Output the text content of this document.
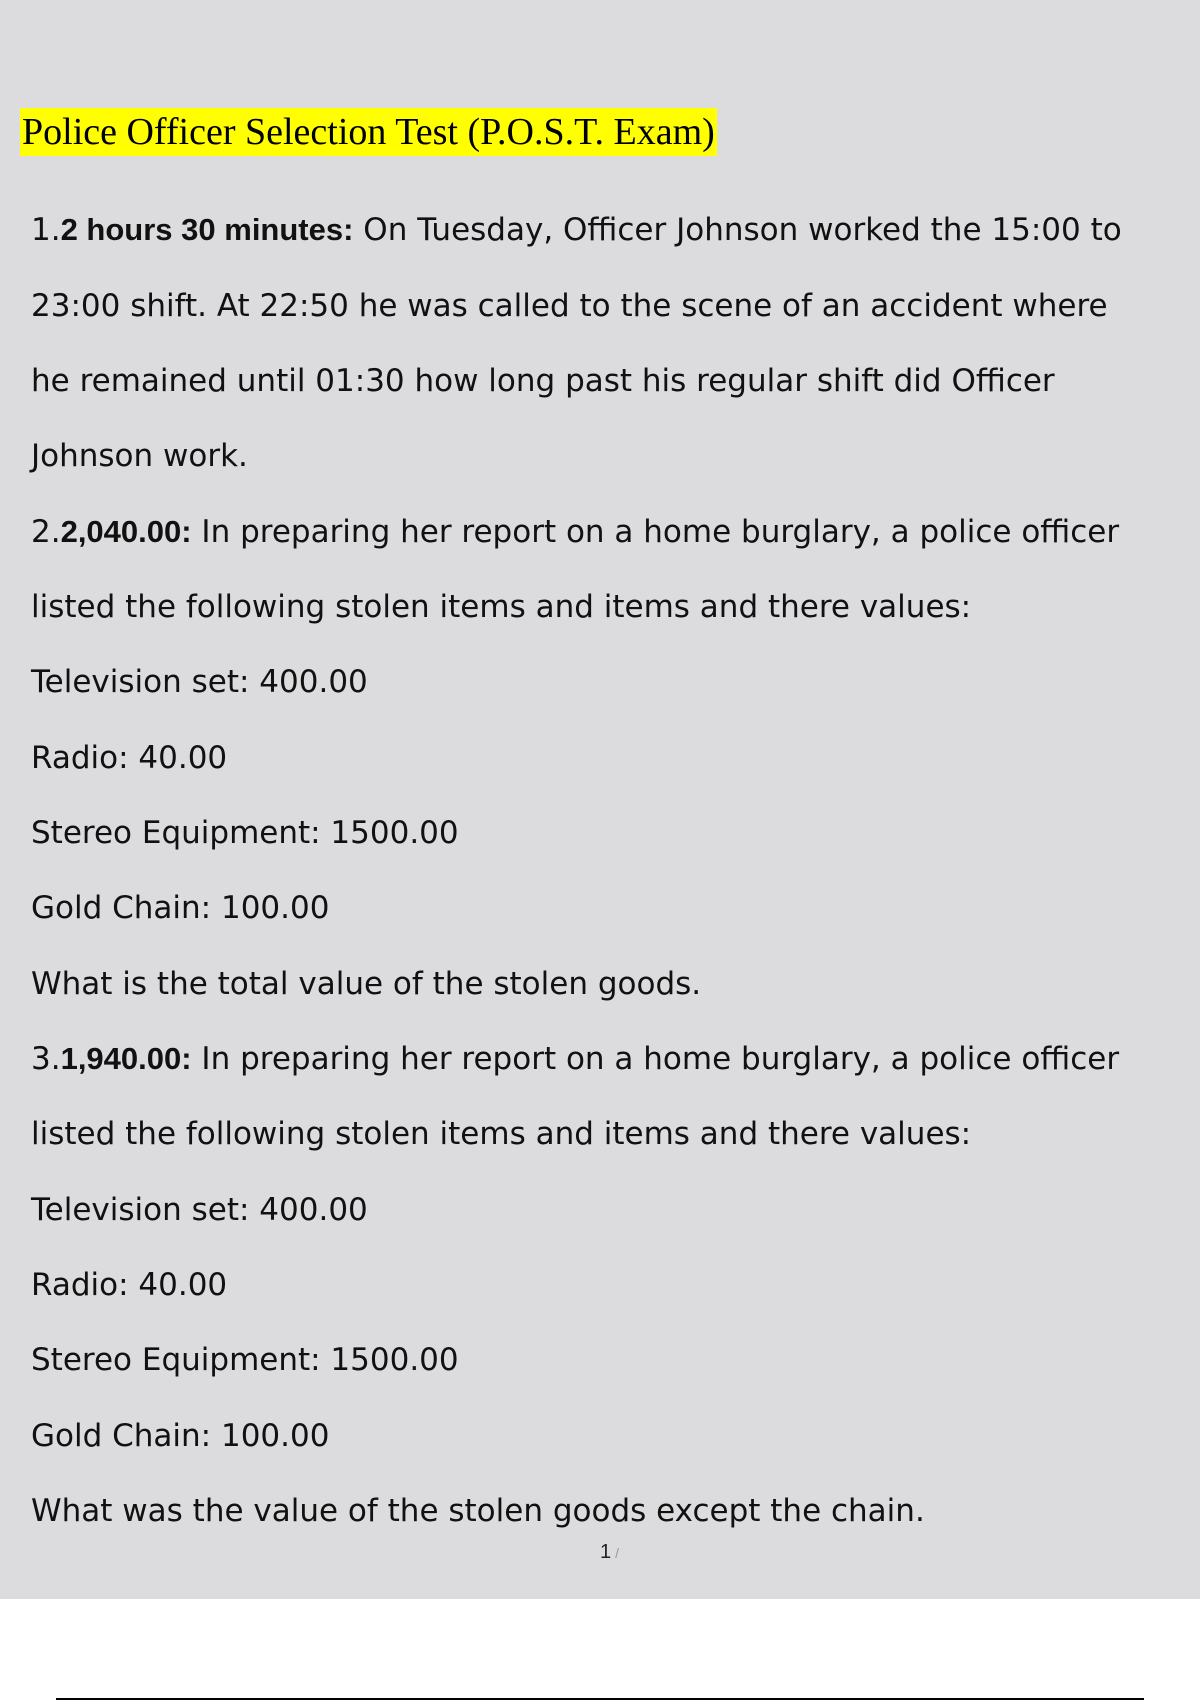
Police Officer Selection Test (P.O.S.T. Exam)
1.2 hours 30 minutes: On Tuesday, Officer Johnson worked the 15:00 to
23:00 shift. At 22:50 he was called to the scene of an accident where
he remained until 01:30 how long past his regular shift did Officer
Johnson work.
2.2,040.00: In preparing her report on a home burglary, a police officer
listed the following stolen items and items and there values:
Television set: 400.00
Radio: 40.00
Stereo Equipment: 1500.00
Gold Chain: 100.00
What is the total value of the stolen goods.
3.1,940.00: In preparing her report on a home burglary, a police officer
listed the following stolen items and items and there values:
Television set: 400.00
Radio: 40.00
Stereo Equipment: 1500.00
Gold Chain: 100.00
What was the value of the stolen goods except the chain.
1 /
